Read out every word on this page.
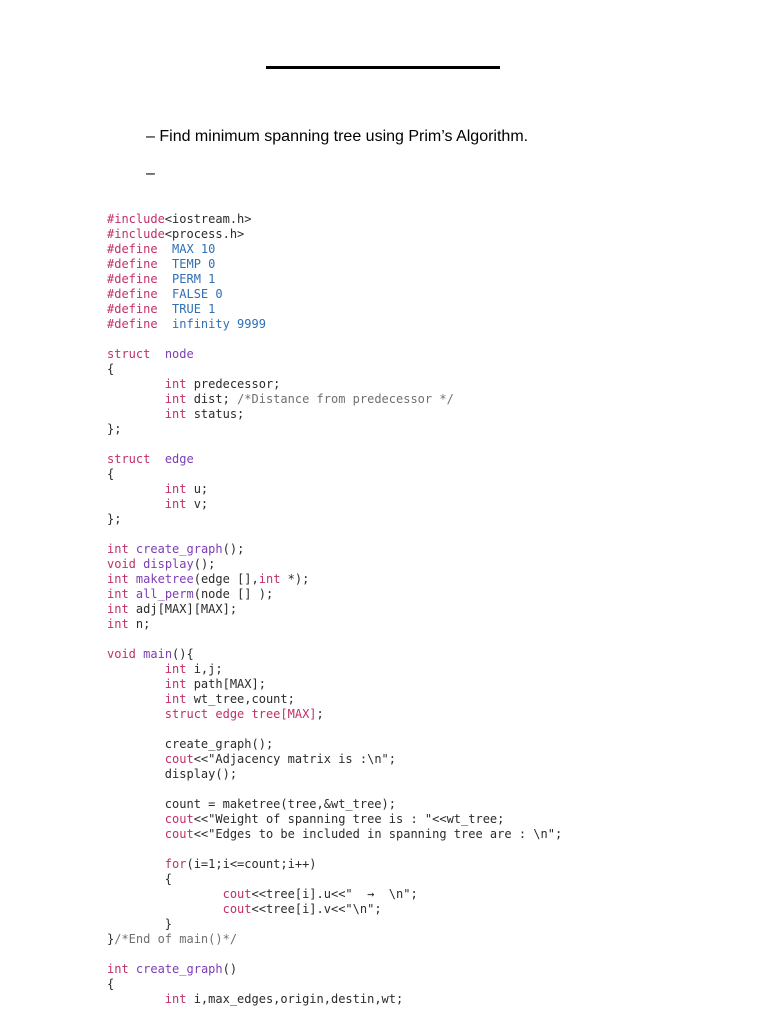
– Find minimum spanning tree using Prim’s Algorithm.
–
#include<iostream.h>
#include<process.h>
#define MAX 10
#define TEMP 0
#define PERM 1
#define FALSE 0
#define TRUE 1
#define infinity 9999

struct node
{
int predecessor;
int dist; /*Distance from predecessor */
int status;
};

struct edge
{
int u;
int v;
};

int create_graph();
void display();
int maketree(edge [],int *);
int all_perm(node [] );
int adj[MAX][MAX];
int n;

void main(){
int i,j;
int path[MAX];
int wt_tree,count;
struct edge tree[MAX];

create_graph();
cout<<"Adjacency matrix is :\n";
display();

count = maketree(tree,&wt_tree);
cout<<"Weight of spanning tree is : "<<wt_tree;
cout<<"Edges to be included in spanning tree are : \n";

for(i=1;i<=count;i++)
{
cout<<tree[i].u<<"  →  \n";
cout<<tree[i].v<<"\n";
}
}/*End of main()*/

int create_graph()
{
int i,max_edges,origin,destin,wt;
